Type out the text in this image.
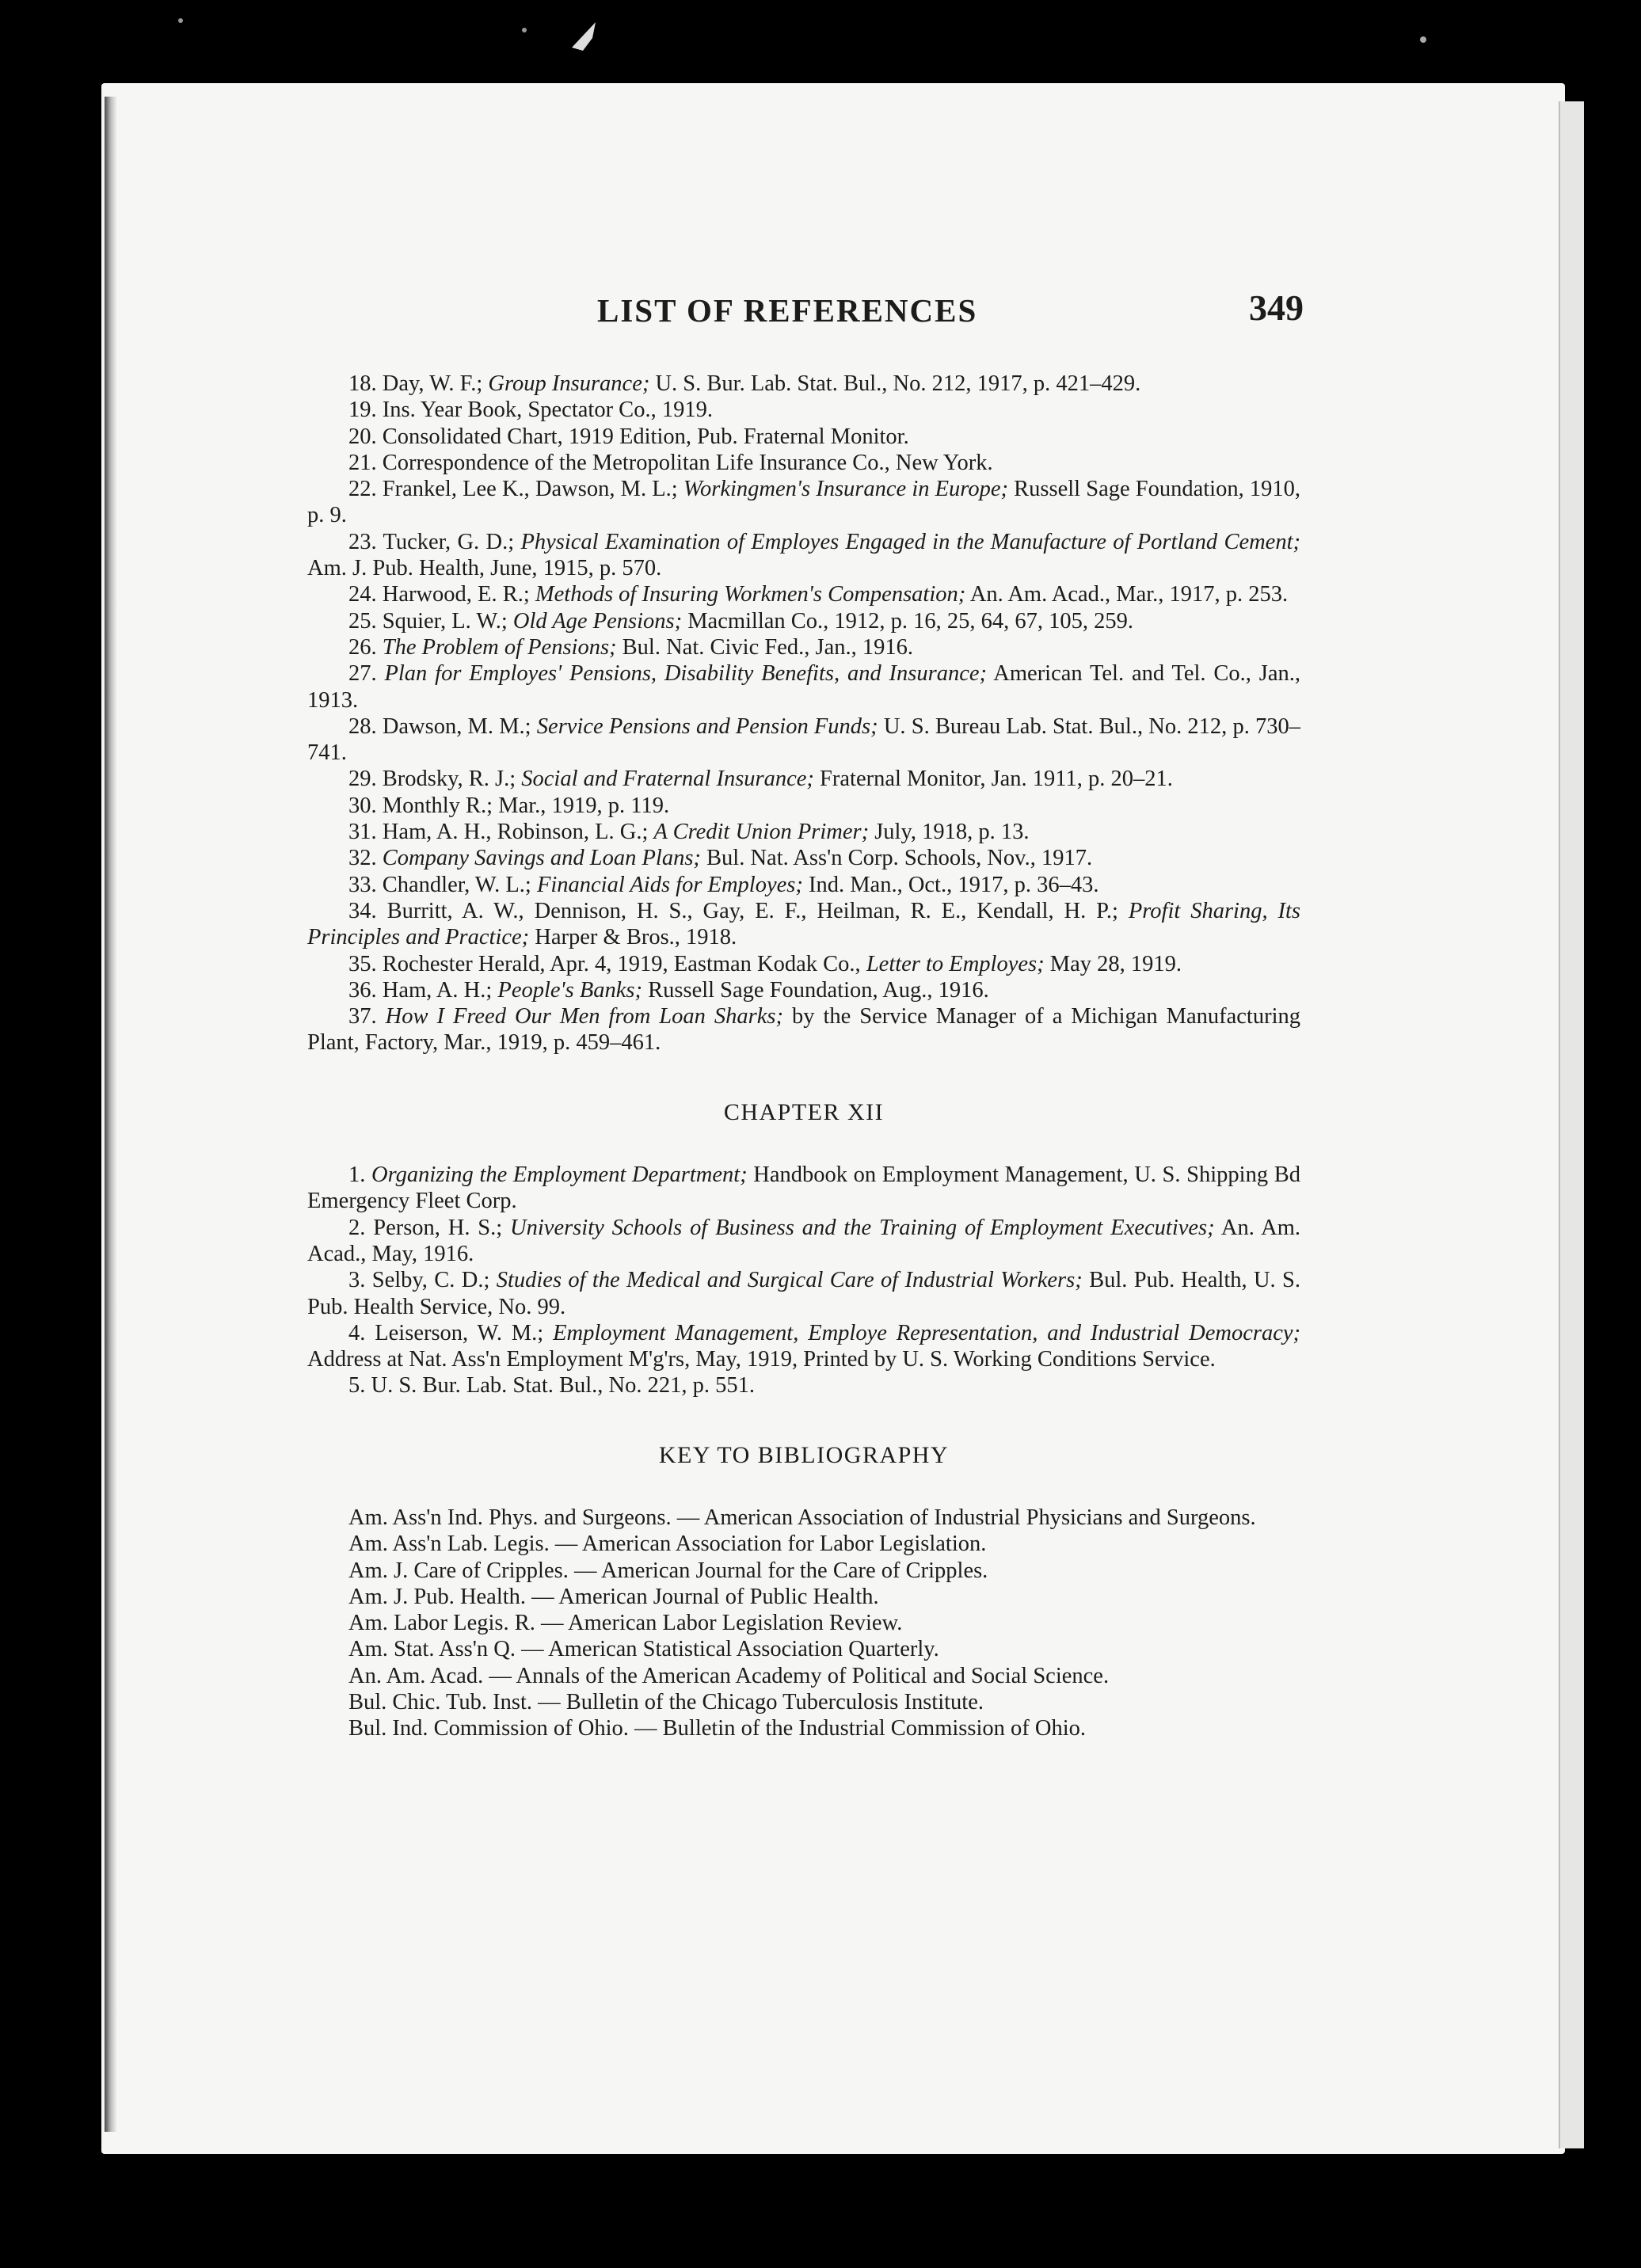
LIST OF REFERENCES	349

18. Day, W. F.; Group Insurance; U. S. Bur. Lab. Stat. Bul., No. 212, 1917, p. 421–429.

19. Ins. Year Book, Spectator Co., 1919.

20. Consolidated Chart, 1919 Edition, Pub. Fraternal Monitor.

21. Correspondence of the Metropolitan Life Insurance Co., New York.

22. Frankel, Lee K., Dawson, M. L.; Workingmen's Insurance in Europe; Russell Sage Foundation, 1910, p. 9.

23. Tucker, G. D.; Physical Examination of Employes Engaged in the Manufacture of Portland Cement; Am. J. Pub. Health, June, 1915, p. 570.

24. Harwood, E. R.; Methods of Insuring Workmen's Compensation; An. Am. Acad., Mar., 1917, p. 253.

25. Squier, L. W.; Old Age Pensions; Macmillan Co., 1912, p. 16, 25, 64, 67, 105, 259.

26. The Problem of Pensions; Bul. Nat. Civic Fed., Jan., 1916.

27. Plan for Employes' Pensions, Disability Benefits, and Insurance; American Tel. and Tel. Co., Jan., 1913.

28. Dawson, M. M.; Service Pensions and Pension Funds; U. S. Bureau Lab. Stat. Bul., No. 212, p. 730–741.

29. Brodsky, R. J.; Social and Fraternal Insurance; Fraternal Monitor, Jan. 1911, p. 20–21.

30. Monthly R.; Mar., 1919, p. 119.

31. Ham, A. H., Robinson, L. G.; A Credit Union Primer; July, 1918, p. 13.

32. Company Savings and Loan Plans; Bul. Nat. Ass'n Corp. Schools, Nov., 1917.

33. Chandler, W. L.; Financial Aids for Employes; Ind. Man., Oct., 1917, p. 36–43.

34. Burritt, A. W., Dennison, H. S., Gay, E. F., Heilman, R. E., Kendall, H. P.; Profit Sharing, Its Principles and Practice; Harper & Bros., 1918.

35. Rochester Herald, Apr. 4, 1919, Eastman Kodak Co., Letter to Employes; May 28, 1919.

36. Ham, A. H.; People's Banks; Russell Sage Foundation, Aug., 1916.

37. How I Freed Our Men from Loan Sharks; by the Service Manager of a Michigan Manufacturing Plant, Factory, Mar., 1919, p. 459–461.

CHAPTER XII

1. Organizing the Employment Department; Handbook on Employment Management, U. S. Shipping Bd Emergency Fleet Corp.

2. Person, H. S.; University Schools of Business and the Training of Employment Executives; An. Am. Acad., May, 1916.

3. Selby, C. D.; Studies of the Medical and Surgical Care of Industrial Workers; Bul. Pub. Health, U. S. Pub. Health Service, No. 99.

4. Leiserson, W. M.; Employment Management, Employe Representation, and Industrial Democracy; Address at Nat. Ass'n Employment M'g'rs, May, 1919, Printed by U. S. Working Conditions Service.

5. U. S. Bur. Lab. Stat. Bul., No. 221, p. 551.

KEY TO BIBLIOGRAPHY

Am. Ass'n Ind. Phys. and Surgeons. — American Association of Industrial Physicians and Surgeons.

Am. Ass'n Lab. Legis. — American Association for Labor Legislation.

Am. J. Care of Cripples. — American Journal for the Care of Cripples.

Am. J. Pub. Health. — American Journal of Public Health.

Am. Labor Legis. R. — American Labor Legislation Review.

Am. Stat. Ass'n Q. — American Statistical Association Quarterly.

An. Am. Acad. — Annals of the American Academy of Political and Social Science.

Bul. Chic. Tub. Inst. — Bulletin of the Chicago Tuberculosis Institute.

Bul. Ind. Commission of Ohio. — Bulletin of the Industrial Commission of Ohio.
